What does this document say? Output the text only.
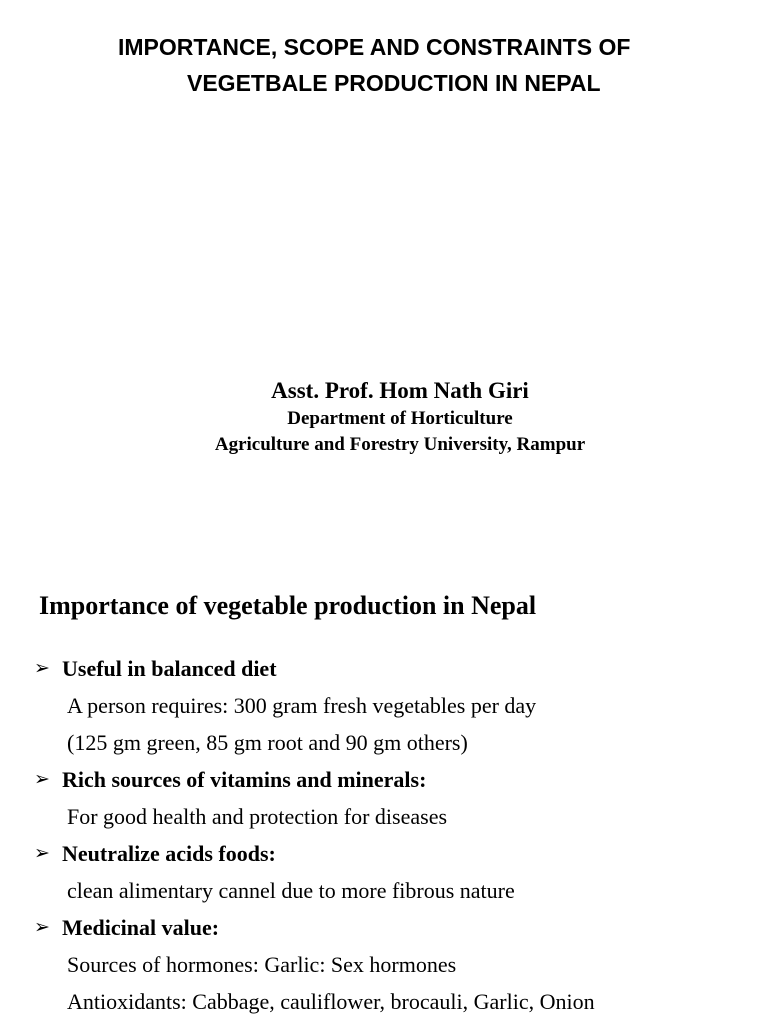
IMPORTANCE, SCOPE AND CONSTRAINTS OF
VEGETBALE PRODUCTION IN NEPAL
Asst. Prof. Hom Nath Giri
Department of Horticulture
Agriculture and Forestry University, Rampur
Importance of vegetable production in Nepal
➢ Useful in balanced diet
A person requires: 300 gram fresh vegetables per day
(125 gm green, 85 gm root and 90 gm others)
➢ Rich sources of vitamins and minerals:
For good health and protection for diseases
➢ Neutralize acids foods:
clean alimentary cannel due to more fibrous nature
➢ Medicinal value:
Sources of hormones: Garlic: Sex hormones
Antioxidants: Cabbage, cauliflower, brocauli, Garlic, Onion
